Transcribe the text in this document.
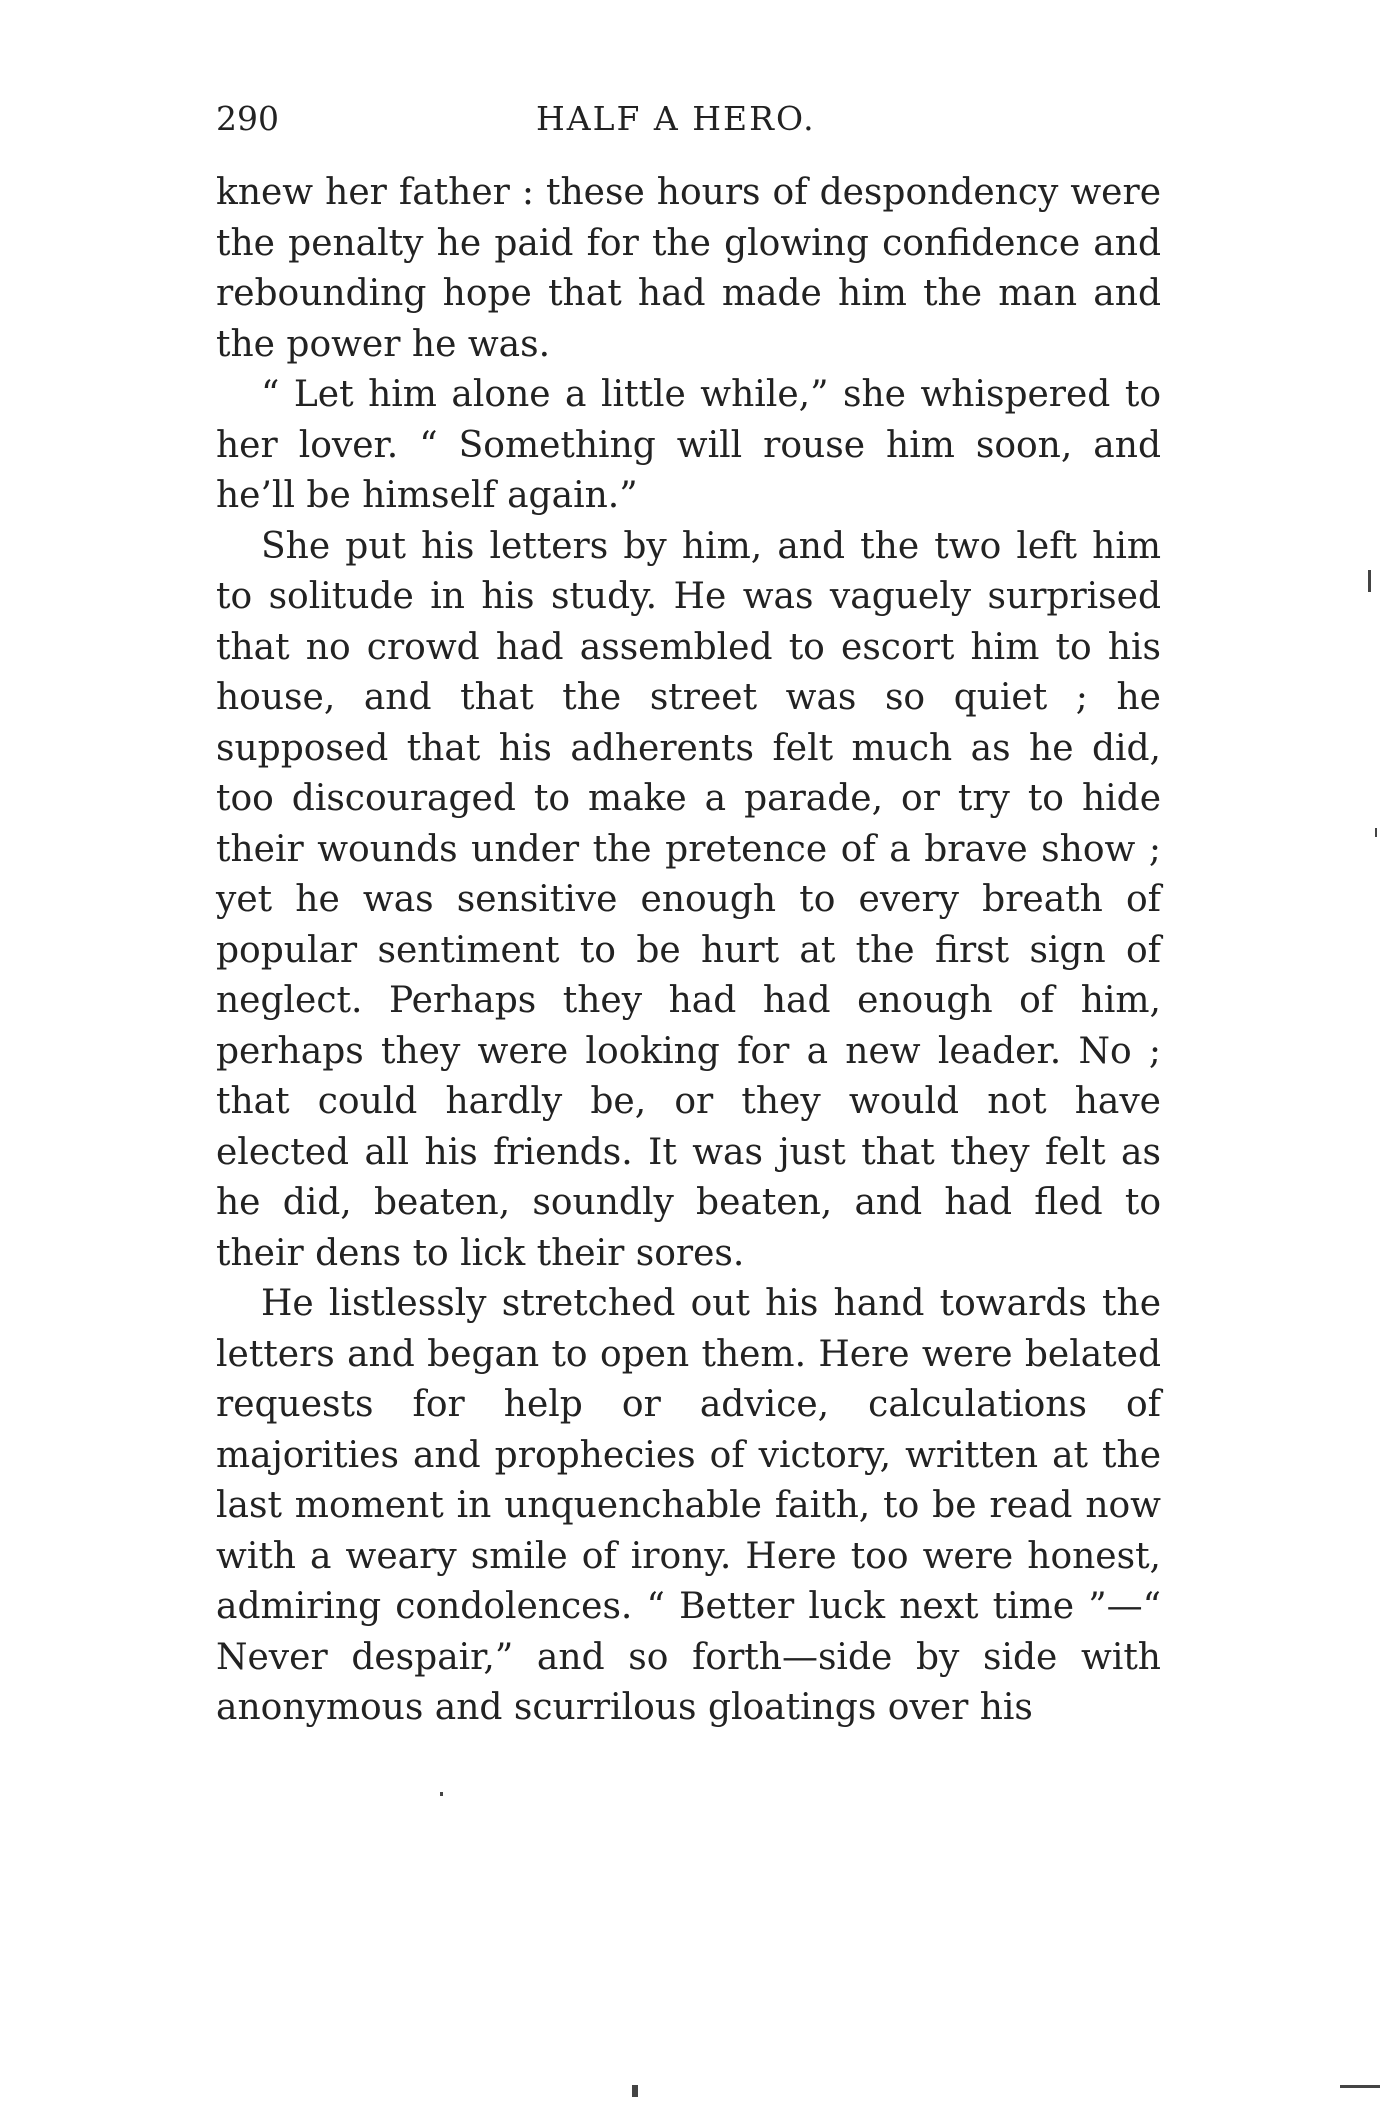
290	HALF A HERO.

knew her father : these hours of despondency were the penalty he paid for the glowing confidence and rebounding hope that had made him the man and the power he was.

“ Let him alone a little while,” she whispered to her lover. “ Something will rouse him soon, and he’ll be himself again.”

She put his letters by him, and the two left him to solitude in his study. He was vaguely surprised that no crowd had assembled to escort him to his house, and that the street was so quiet ; he supposed that his adherents felt much as he did, too discouraged to make a parade, or try to hide their wounds under the pretence of a brave show ; yet he was sensitive enough to every breath of popular sentiment to be hurt at the first sign of neglect. Perhaps they had had enough of him, perhaps they were looking for a new leader. No ; that could hardly be, or they would not have elected all his friends. It was just that they felt as he did, beaten, soundly beaten, and had fled to their dens to lick their sores.

He listlessly stretched out his hand towards the letters and began to open them. Here were belated requests for help or advice, calculations of majorities and prophecies of victory, written at the last moment in unquenchable faith, to be read now with a weary smile of irony. Here too were honest, admiring condolences. “ Better luck next time ”—“ Never despair,” and so forth—side by side with anonymous and scurrilous gloatings over his
